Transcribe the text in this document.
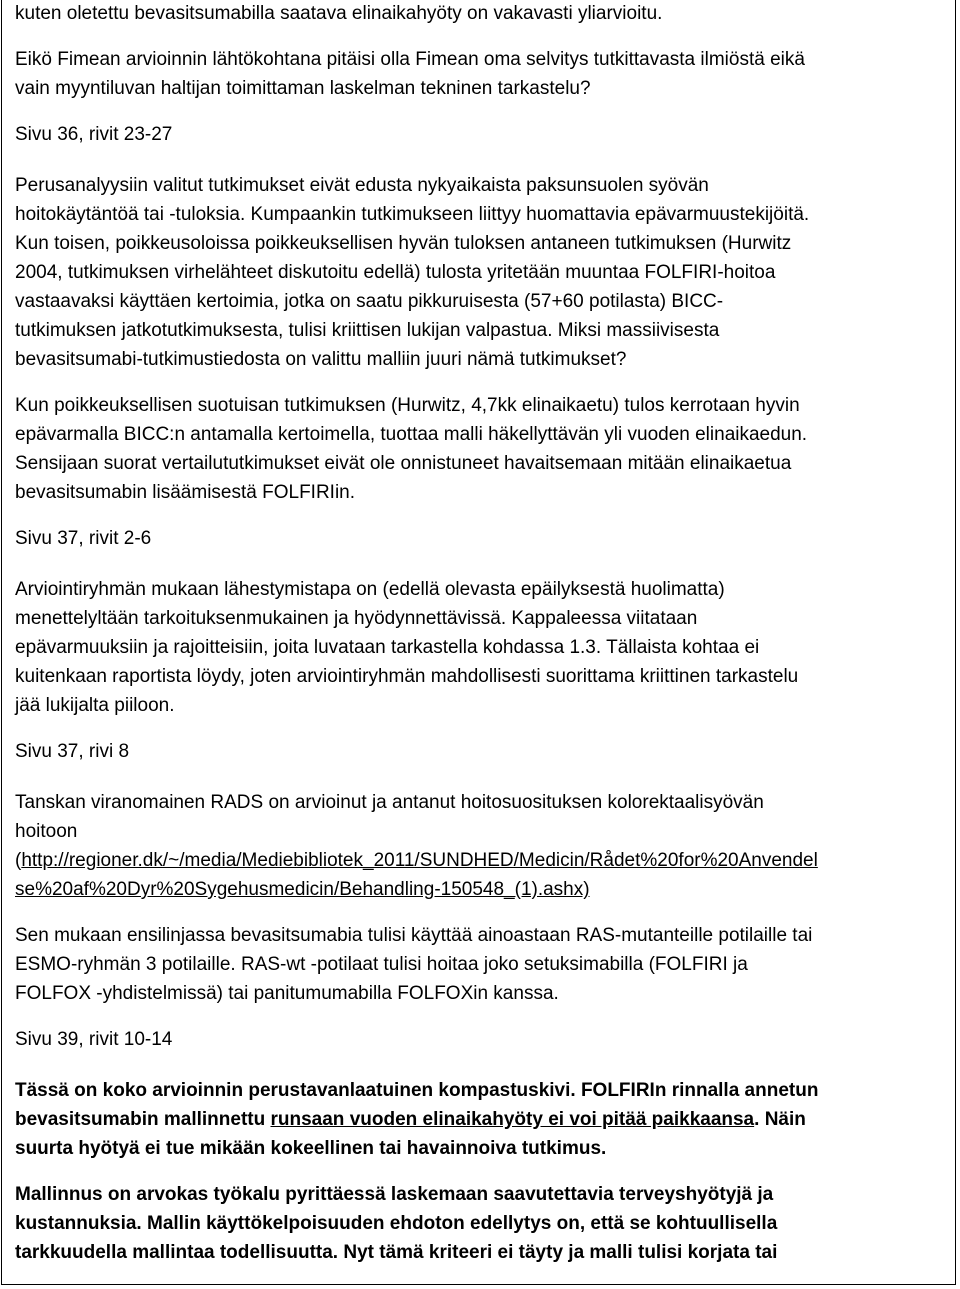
kuten oletettu bevasitsumabilla saatava elinaikahyöty on vakavasti yliarvioitu.

Eikö Fimean arvioinnin lähtökohtana pitäisi olla Fimean oma selvitys tutkittavasta ilmiöstä eikä
vain myyntiluvan haltijan toimittaman laskelman tekninen tarkastelu?

Sivu 36, rivit 23-27

Perusanalyysiin valitut tutkimukset eivät edusta nykyaikaista paksunsuolen syövän
hoitokäytäntöä tai -tuloksia. Kumpaankin tutkimukseen liittyy huomattavia epävarmuustekijöitä.
Kun toisen, poikkeusoloissa poikkeuksellisen hyvän tuloksen antaneen tutkimuksen (Hurwitz
2004, tutkimuksen virhelähteet diskutoitu edellä) tulosta yritetään muuntaa FOLFIRI-hoitoa
vastaavaksi käyttäen kertoimia, jotka on saatu pikkuruisesta (57+60 potilasta) BICC-
tutkimuksen jatkotutkimuksesta, tulisi kriittisen lukijan valpastua. Miksi massiivisesta
bevasitsumabi-tutkimustiedosta on valittu malliin juuri nämä tutkimukset?

Kun poikkeuksellisen suotuisan tutkimuksen (Hurwitz, 4,7kk elinaikaetu) tulos kerrotaan hyvin
epävarmalla BICC:n antamalla kertoimella, tuottaa malli häkellyttävän yli vuoden elinaikaedun.
Sensijaan suorat vertailututkimukset eivät ole onnistuneet havaitsemaan mitään elinaikaetua
bevasitsumabin lisäämisestä FOLFIRIin.

Sivu 37, rivit 2-6

Arviointiryhmän mukaan lähestymistapa on (edellä olevasta epäilyksestä huolimatta)
menettelyltään tarkoituksenmukainen ja hyödynnettävissä. Kappaleessa viitataan
epävarmuuksiin ja rajoitteisiin, joita luvataan tarkastella kohdassa 1.3. Tällaista kohtaa ei
kuitenkaan raportista löydy, joten arviointiryhmän mahdollisesti suorittama kriittinen tarkastelu
jää lukijalta piiloon.

Sivu 37, rivi 8

Tanskan viranomainen RADS on arvioinut ja antanut hoitosuosituksen kolorektaalisyövän
hoitoon
(http://regioner.dk/~/media/Mediebibliotek_2011/SUNDHED/Medicin/Rådet%20for%20Anvendel
se%20af%20Dyr%20Sygehusmedicin/Behandling-150548_(1).ashx)

Sen mukaan ensilinjassa bevasitsumabia tulisi käyttää ainoastaan RAS-mutanteille potilaille tai
ESMO-ryhmän 3 potilaille. RAS-wt -potilaat tulisi hoitaa joko setuksimabilla (FOLFIRI ja
FOLFOX -yhdistelmissä) tai panitumumabilla FOLFOXin kanssa.

Sivu 39, rivit 10-14

Tässä on koko arvioinnin perustavanlaatuinen kompastuskivi. FOLFIRIn rinnalla annetun
bevasitsumabin mallinnettu runsaan vuoden elinaikahyöty ei voi pitää paikkaansa. Näin
suurta hyötyä ei tue mikään kokeellinen tai havainnoiva tutkimus.

Mallinnus on arvokas työkalu pyrittäessä laskemaan saavutettavia terveyshyötyjä ja
kustannuksia. Mallin käyttökelpoisuuden ehdoton edellytys on, että se kohtuullisella
tarkkuudella mallintaa todellisuutta. Nyt tämä kriteeri ei täyty ja malli tulisi korjata tai
